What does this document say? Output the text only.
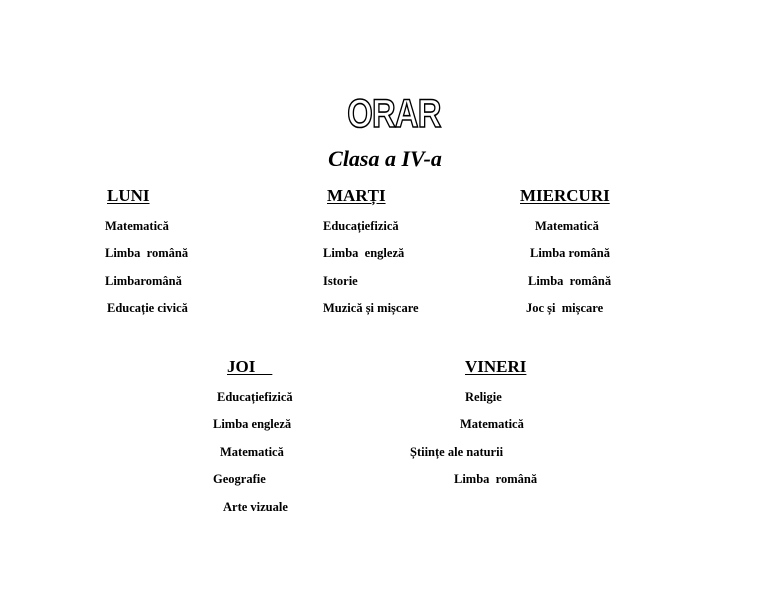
ORAR
Clasa a IV-a
LUNI
Matematică
Limba  română
Limbaromână
Educație civică
MARȚI
Educațiefizică
Limba  engleză
Istorie
Muzică și mișcare
MIERCURI
Matematică
Limba română
Limba  română
Joc și  mișcare
JOI
Educațiefizică
Limba engleză
Matematică
Geografie
Arte vizuale
VINERI
Religie
Matematică
Științe ale naturii
Limba  română
